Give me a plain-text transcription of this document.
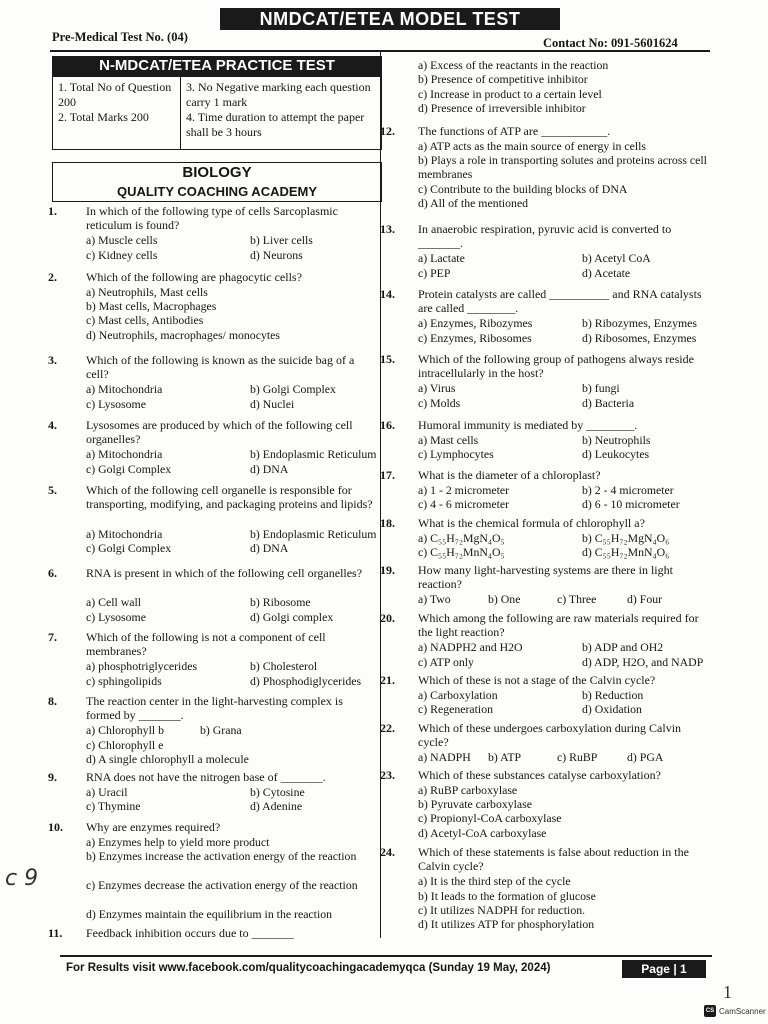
NMDCAT/ETEA MODEL TEST
Pre-Medical Test No. (04)	Contact No: 091-5601624
N-MDCAT/ETEA PRACTICE TEST
1. Total No of Question 200
2. Total Marks 200
3. No Negative marking each question carry 1 mark
4. Time duration to attempt the paper shall be 3 hours
BIOLOGY
QUALITY COACHING ACADEMY
1.	In which of the following type of cells Sarcoplasmic reticulum is found?
a) Muscle cells	b) Liver cells
c) Kidney cells	d) Neurons
2.	Which of the following are phagocytic cells?
a) Neutrophils, Mast cells
b) Mast cells, Macrophages
c) Mast cells, Antibodies
d) Neutrophils, macrophages/ monocytes
3.	Which of the following is known as the suicide bag of a cell?
a) Mitochondria	b) Golgi Complex
c) Lysosome	d) Nuclei
4.	Lysosomes are produced by which of the following cell organelles?
a) Mitochondria	b) Endoplasmic Reticulum
c) Golgi Complex	d) DNA
5.	Which of the following cell organelle is responsible for transporting, modifying, and packaging proteins and lipids?
a) Mitochondria	b) Endoplasmic Reticulum
c) Golgi Complex	d) DNA
6.	RNA is present in which of the following cell organelles?
a) Cell wall	b) Ribosome
c) Lysosome	d) Golgi complex
7.	Which of the following is not a component of cell membranes?
a) phosphotriglycerides	b) Cholesterol
c) sphingolipids	d) Phosphodiglycerides
8.	The reaction center in the light-harvesting complex is formed by _______.
a) Chlorophyll b	b) Grana
c) Chlorophyll e
d) A single chlorophyll a molecule
9.	RNA does not have the nitrogen base of _______.
a) Uracil	b) Cytosine
c) Thymine	d) Adenine
10.	Why are enzymes required?
a) Enzymes help to yield more product
b) Enzymes increase the activation energy of the reaction
c) Enzymes decrease the activation energy of the reaction
d) Enzymes maintain the equilibrium in the reaction
11.	Feedback inhibition occurs due to _______
a) Excess of the reactants in the reaction
b) Presence of competitive inhibitor
c) Increase in product to a certain level
d) Presence of irreversible inhibitor
12.	The functions of ATP are ___________.
a) ATP acts as the main source of energy in cells
b) Plays a role in transporting solutes and proteins across cell membranes
c) Contribute to the building blocks of DNA
d) All of the mentioned
13.	In anaerobic respiration, pyruvic acid is converted to _______.
a) Lactate	b) Acetyl CoA
c) PEP	d) Acetate
14.	Protein catalysts are called __________ and RNA catalysts are called ________.
a) Enzymes, Ribozymes	b) Ribozymes, Enzymes
c) Enzymes, Ribosomes	d) Ribosomes, Enzymes
15.	Which of the following group of pathogens always reside intracellularly in the host?
a) Virus	b) fungi
c) Molds	d) Bacteria
16.	Humoral immunity is mediated by ________.
a) Mast cells	b) Neutrophils
c) Lymphocytes	d) Leukocytes
17.	What is the diameter of a chloroplast?
a) 1 - 2 micrometer	b) 2 - 4 micrometer
c) 4 - 6 micrometer	d) 6 - 10 micrometer
18.	What is the chemical formula of chlorophyll a?
a) C₅₅H₇₂MgN₄O₅	b) C₅₅H₇₂MgN₄O₆
c) C₅₅H₇₂MnN₄O₅	d) C₅₅H₇₂MnN₄O₆
19.	How many light-harvesting systems are there in light reaction?
a) Two	b) One	c) Three	d) Four
20.	Which among the following are raw materials required for the light reaction?
a) NADPH2 and H2O	b) ADP and OH2
c) ATP only	d) ADP, H2O, and NADP
21.	Which of these is not a stage of the Calvin cycle?
a) Carboxylation	b) Reduction
c) Regeneration	d) Oxidation
22.	Which of these undergoes carboxylation during Calvin cycle?
a) NADPH b) ATP	c) RuBP	d) PGA
23.	Which of these substances catalyse carboxylation?
a) RuBP carboxylase
b) Pyruvate carboxylase
c) Propionyl-CoA carboxylase
d) Acetyl-CoA carboxylase
24.	Which of these statements is false about reduction in the Calvin cycle?
a) It is the third step of the cycle
b) It leads to the formation of glucose
c) It utilizes NADPH for reduction.
d) It utilizes ATP for phosphorylation
c 9
For Results visit www.facebook.com/qualitycoachingacademyqca (Sunday 19 May, 2024)	Page | 1
1
CS CamScanner
